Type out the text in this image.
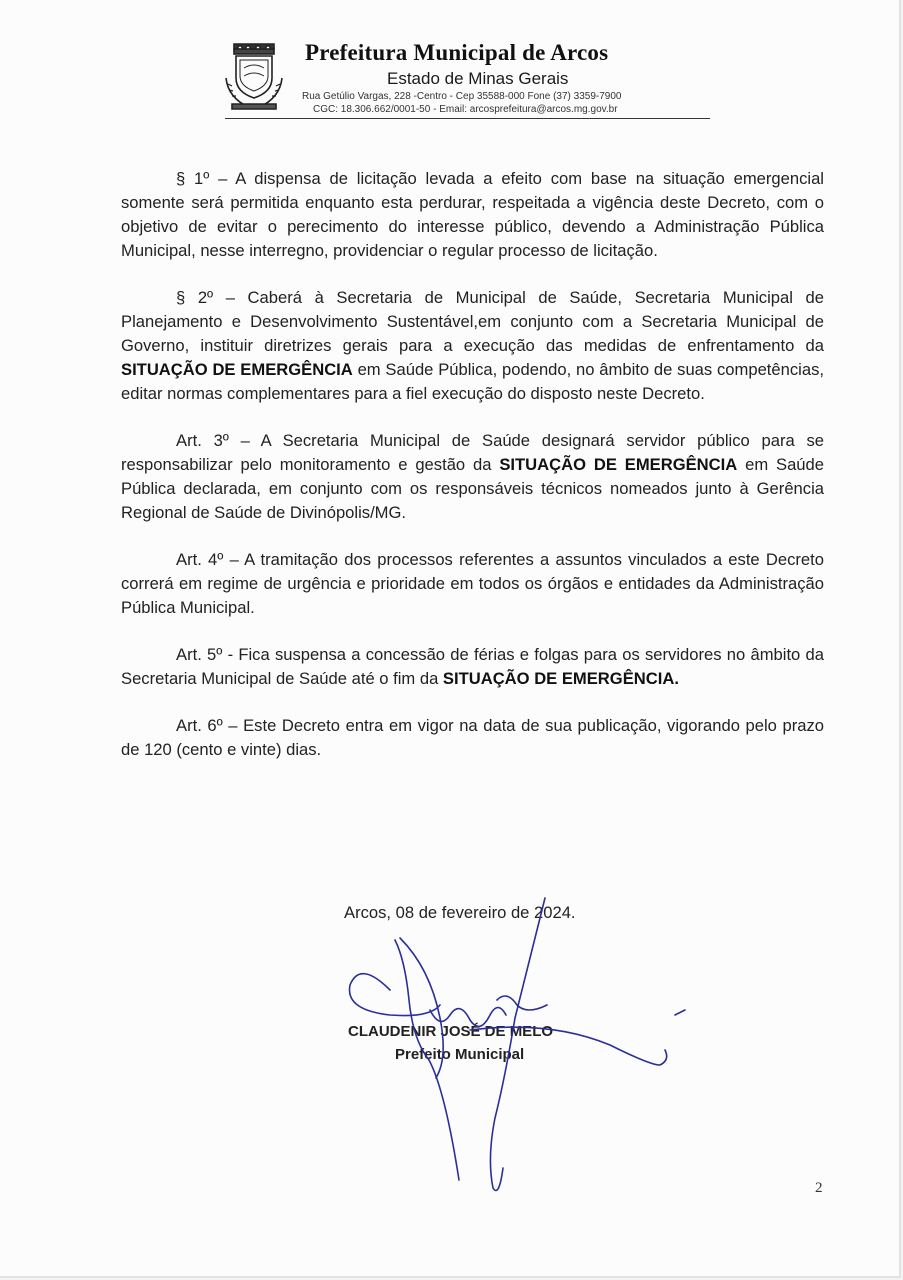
Prefeitura Municipal de Arcos
Estado de Minas Gerais
Rua Getúlio Vargas, 228 -Centro - Cep 35588-000 Fone (37) 3359-7900
CGC: 18.306.662/0001-50 - Email: arcosprefeitura@arcos.mg.gov.br

§ 1º – A dispensa de licitação levada a efeito com base na situação emergencial somente será permitida enquanto esta perdurar, respeitada a vigência deste Decreto, com o objetivo de evitar o perecimento do interesse público, devendo a Administração Pública Municipal, nesse interregno, providenciar o regular processo de licitação.

§ 2º – Caberá à Secretaria de Municipal de Saúde, Secretaria Municipal de Planejamento e Desenvolvimento Sustentável,em conjunto com a Secretaria Municipal de Governo, instituir diretrizes gerais para a execução das medidas de enfrentamento da SITUAÇÃO DE EMERGÊNCIA em Saúde Pública, podendo, no âmbito de suas competências, editar normas complementares para a fiel execução do disposto neste Decreto.

Art. 3º – A Secretaria Municipal de Saúde designará servidor público para se responsabilizar pelo monitoramento e gestão da SITUAÇÃO DE EMERGÊNCIA em Saúde Pública declarada, em conjunto com os responsáveis técnicos nomeados junto à Gerência Regional de Saúde de Divinópolis/MG.

Art. 4º – A tramitação dos processos referentes a assuntos vinculados a este Decreto correrá em regime de urgência e prioridade em todos os órgãos e entidades da Administração Pública Municipal.

Art. 5º - Fica suspensa a concessão de férias e folgas para os servidores no âmbito da Secretaria Municipal de Saúde até o fim da SITUAÇÃO DE EMERGÊNCIA.

Art. 6º – Este Decreto entra em vigor na data de sua publicação, vigorando pelo prazo de 120 (cento e vinte) dias.

Arcos, 08 de fevereiro de 2024.
CLAUDENIR JOSÉ DE MELO
Prefeito Municipal
2
